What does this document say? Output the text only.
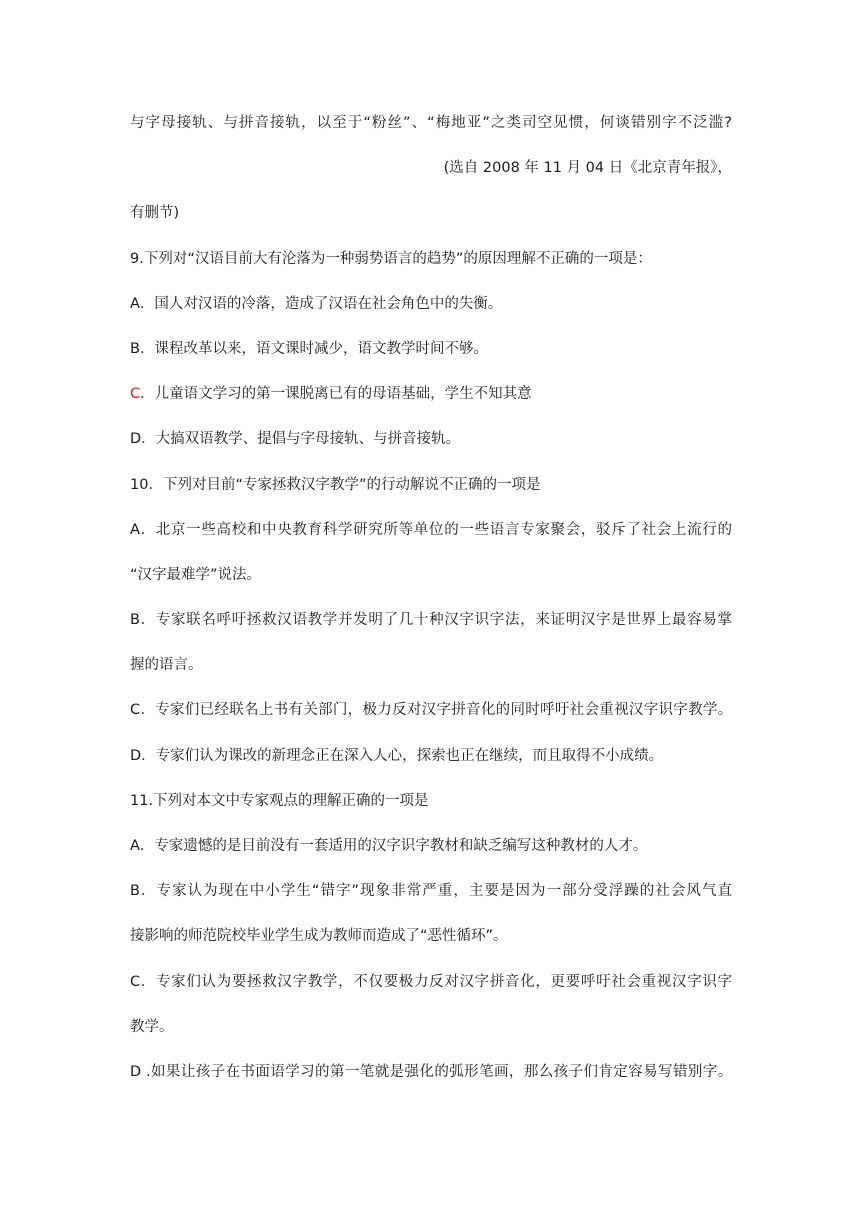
与字母接轨、与拼音接轨，以至于“粉丝”、“梅地亚”之类司空见惯，何谈错别字不泛滥?
(选自 2008 年 11 月 04 日《北京青年报》，
有删节)
9.下列对“汉语目前大有沦落为一种弱势语言的趋势”的原因理解不正确的一项是：
A．国人对汉语的冷落，造成了汉语在社会角色中的失衡。
B．课程改革以来，语文课时减少，语文教学时间不够。
C．儿童语文学习的第一课脱离已有的母语基础，学生不知其意
D．大搞双语教学、提倡与字母接轨、与拼音接轨。
10．下列对目前“专家拯救汉字教学”的行动解说不正确的一项是
A．北京一些高校和中央教育科学研究所等单位的一些语言专家聚会，驳斥了社会上流行的
“汉字最难学”说法。
B．专家联名呼吁拯救汉语教学并发明了几十种汉字识字法，来证明汉字是世界上最容易掌
握的语言。
C．专家们已经联名上书有关部门，极力反对汉字拼音化的同时呼吁社会重视汉字识字教学。
D．专家们认为课改的新理念正在深入人心，探索也正在继续，而且取得不小成绩。
11.下列对本文中专家观点的理解正确的一项是
A．专家遗憾的是目前没有一套适用的汉字识字教材和缺乏编写这种教材的人才。
B．专家认为现在中小学生“错字”现象非常严重，主要是因为一部分受浮躁的社会风气直
接影响的师范院校毕业学生成为教师而造成了“恶性循环”。
C．专家们认为要拯救汉字教学，不仅要极力反对汉字拼音化，更要呼吁社会重视汉字识字
教学。
D .如果让孩子在书面语学习的第一笔就是强化的弧形笔画，那么孩子们肯定容易写错别字。
